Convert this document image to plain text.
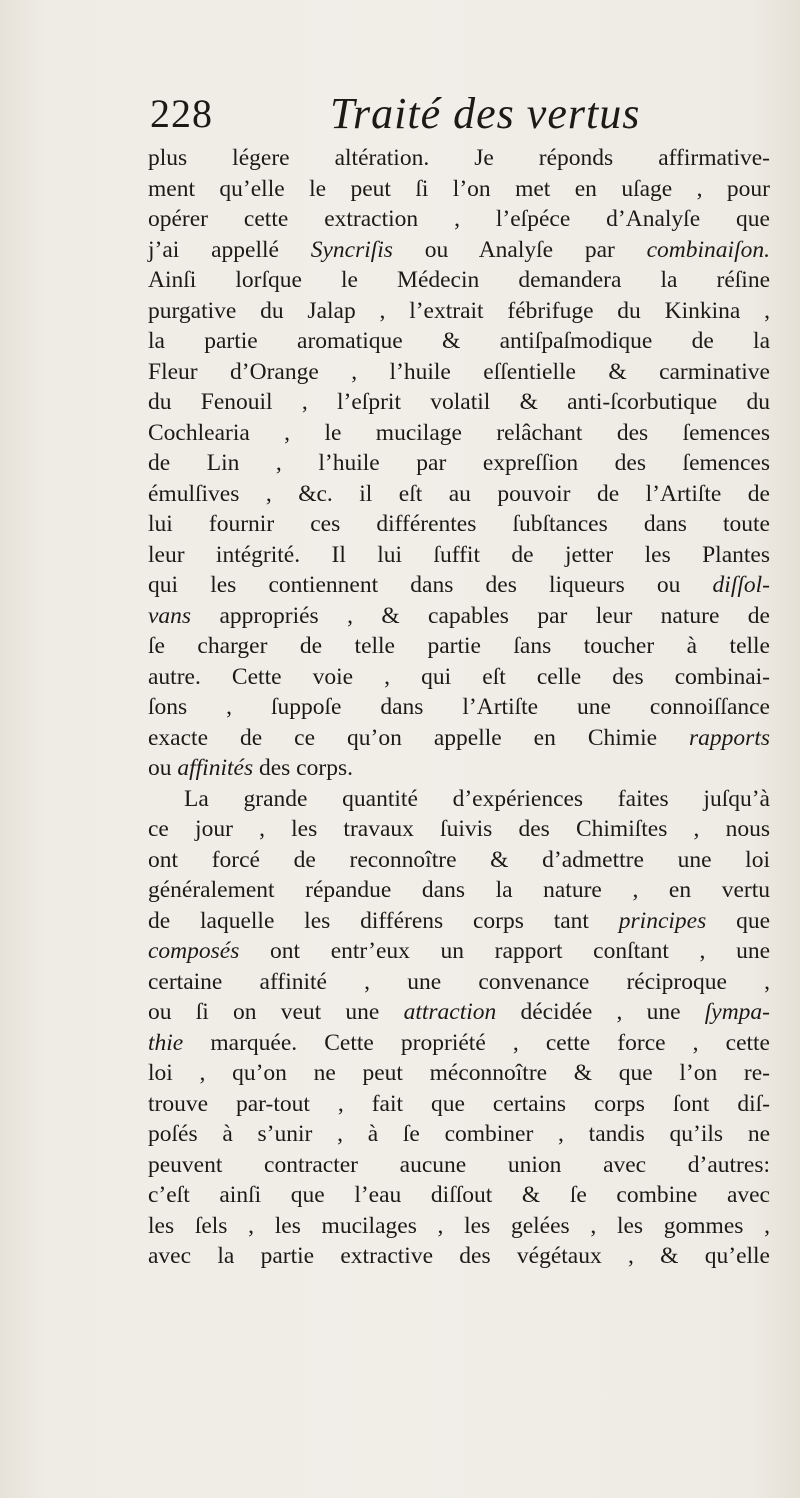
228	Traité des vertus
plus légere altération. Je réponds affirmative-
ment qu’elle le peut ſi l’on met en uſage , pour
opérer cette extraction , l’eſpéce d’Analyſe que
j’ai appellé Syncriſis ou Analyſe par combinaiſon.
Ainſi lorſque le Médecin demandera la réſine
purgative du Jalap , l’extrait fébrifuge du Kinkina ,
la partie aromatique & antiſpaſmodique de la
Fleur d’Orange , l’huile eſſentielle & carminative
du Fenouil , l’eſprit volatil & anti-ſcorbutique du
Cochlearia , le mucilage relâchant des ſemences
de Lin , l’huile par expreſſion des ſemences
émulſives , &c. il eſt au pouvoir de l’Artiſte de
lui fournir ces différentes ſubſtances dans toute
leur intégrité. Il lui ſuffit de jetter les Plantes
qui les contiennent dans des liqueurs ou diſſol-
vans appropriés , & capables par leur nature de
ſe charger de telle partie ſans toucher à telle
autre. Cette voie , qui eſt celle des combinai-
ſons , ſuppoſe dans l’Artiſte une connoiſſance
exacte de ce qu’on appelle en Chimie rapports
ou affinités des corps.
La grande quantité d’expériences faites juſqu’à
ce jour , les travaux ſuivis des Chimiſtes , nous
ont forcé de reconnoître & d’admettre une loi
généralement répandue dans la nature , en vertu
de laquelle les différens corps tant principes que
composés ont entr’eux un rapport conſtant , une
certaine affinité , une convenance réciproque ,
ou ſi on veut une attraction décidée , une ſympa-
thie marquée. Cette propriété , cette force , cette
loi , qu’on ne peut méconnoître & que l’on re-
trouve par-tout , fait que certains corps ſont diſ-
poſés à s’unir , à ſe combiner , tandis qu’ils ne
peuvent contracter aucune union avec d’autres:
c’eſt ainſi que l’eau diſſout & ſe combine avec
les ſels , les mucilages , les gelées , les gommes ,
avec la partie extractive des végétaux , & qu’elle
